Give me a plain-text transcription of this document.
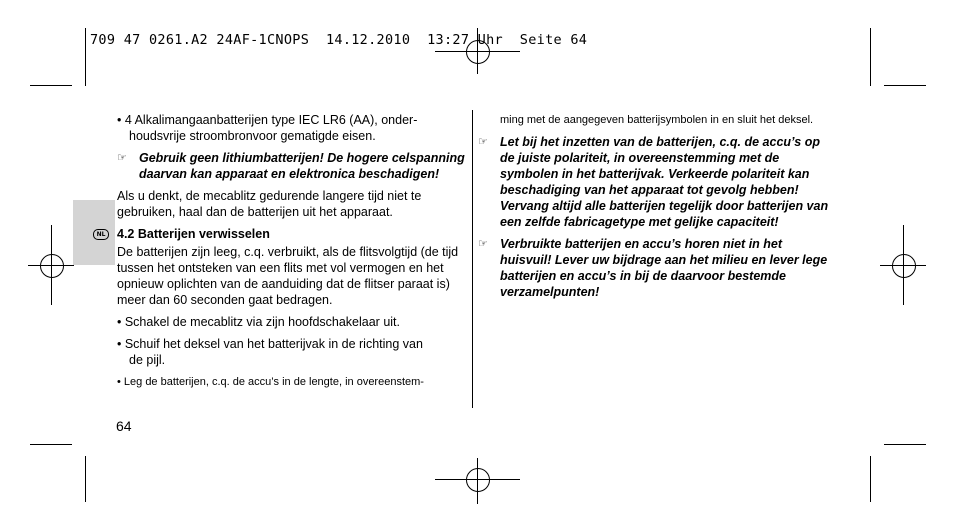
709 47 0261.A2 24AF-1CNOPS  14.12.2010  13:27 Uhr  Seite 64
NL

• 4 Alkalimangaanbatterijen type IEC LR6 (AA), onder-houdsvrije stroombronvoor gematigde eisen.

☞ Gebruik geen lithiumbatterijen! De hogere celspanning daarvan kan apparaat en elektronica beschadigen!

Als u denkt, de mecablitz gedurende langere tijd niet te gebruiken, haal dan de batterijen uit het apparaat.

4.2 Batterijen verwisselen

De batterijen zijn leeg, c.q. verbruikt, als de flitsvolgtijd (de tijd tussen het ontsteken van een flits met vol vermogen en het opnieuw oplichten van de aanduiding dat de flitser paraat is) meer dan 60 seconden gaat bedragen.

• Schakel de mecablitz via zijn hoofdschakelaar uit.

• Schuif het deksel van het batterijvak in de richting van de pijl.

• Leg de batterijen, c.q. de accu’s in de lengte, in overeenstem-

ming met de aangegeven batterijsymbolen in en sluit het deksel.

☞ Let bij het inzetten van de batterijen, c.q. de accu’s op de juiste polariteit, in overeenstemming met de symbolen in het batterijvak. Verkeerde polariteit kan beschadiging van het apparaat tot gevolg hebben! Vervang altijd alle batterijen tegelijk door batterijen van een zelfde fabricagetype met gelijke capaciteit!
☞ Verbruikte batterijen en accu’s horen niet in het huisvuil! Lever uw bijdrage aan het milieu en lever lege batterijen en accu’s in bij de daarvoor bestemde verzamelpunten!
64
